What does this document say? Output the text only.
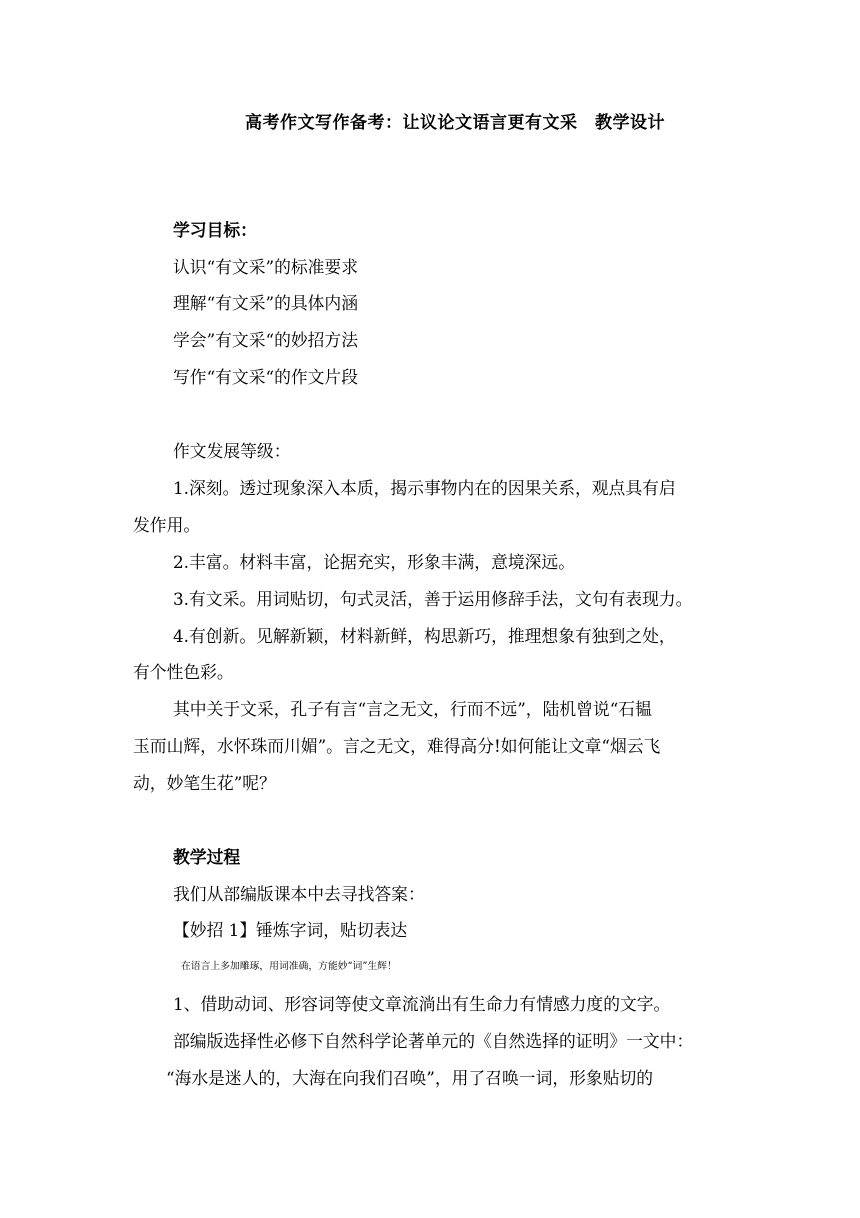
高考作文写作备考：让议论文语言更有文采　教学设计
学习目标：
认识“有文采”的标准要求
理解“有文采”的具体内涵
学会”有文采“的妙招方法
写作“有文采“的作文片段
作文发展等级：
1.深刻。透过现象深入本质，揭示事物内在的因果关系，观点具有启
发作用。
2.丰富。材料丰富，论据充实，形象丰满，意境深远。
3.有文采。用词贴切，句式灵活，善于运用修辞手法，文句有表现力。
4.有创新。见解新颖，材料新鲜，构思新巧，推理想象有独到之处，
有个性色彩。
其中关于文采，孔子有言“言之无文，行而不远”，陆机曾说“石韫
玉而山辉，水怀珠而川媚”。言之无文，难得高分!如何能让文章“烟云飞
动，妙笔生花”呢？
教学过程
我们从部编版课本中去寻找答案：
【妙招 1】锤炼字词，贴切表达
在语言上多加雕琢，用词准确，方能妙“词”生辉！
1、借助动词、形容词等使文章流淌出有生命力有情感力度的文字。
部编版选择性必修下自然科学论著单元的《自然选择的证明》一文中：
“海水是迷人的，大海在向我们召唤”，用了召唤一词，形象贴切的
